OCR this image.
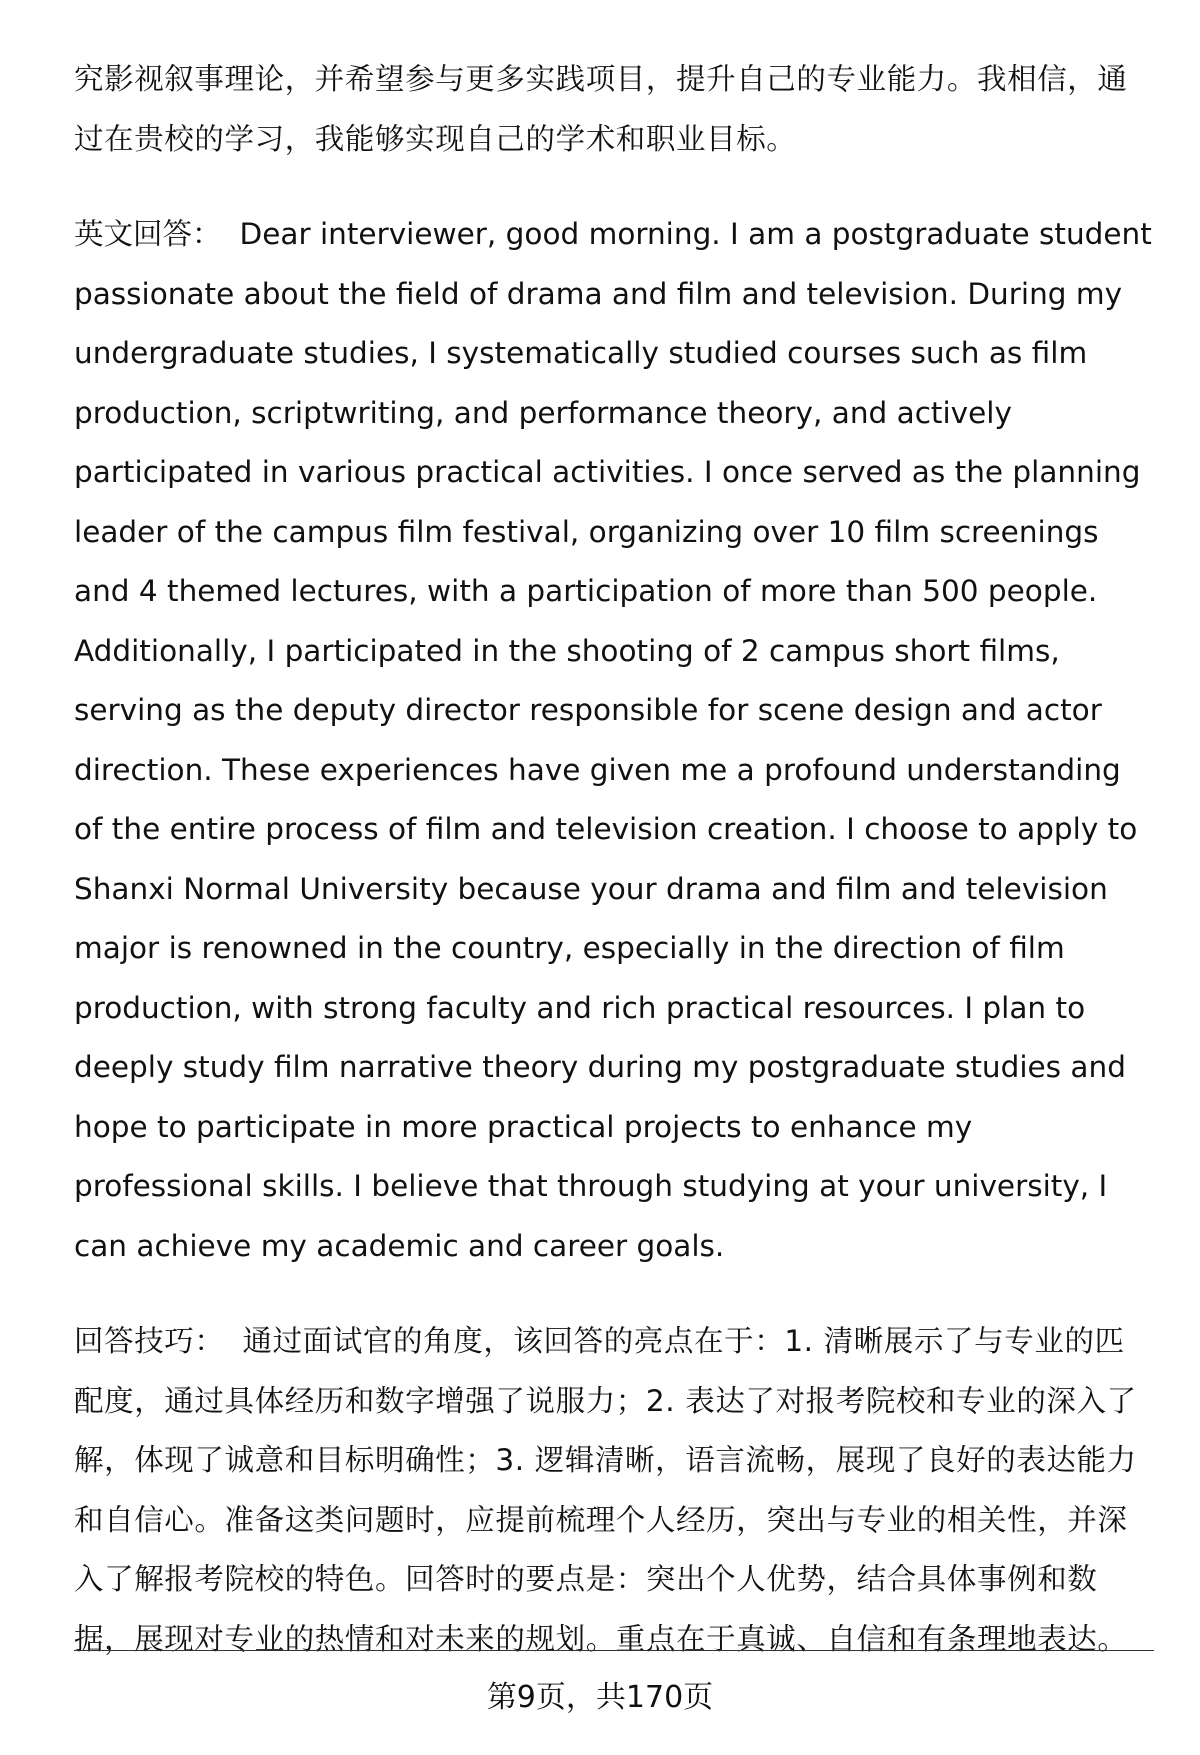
究影视叙事理论，并希望参与更多实践项目，提升自己的专业能力。我相信，通过在贵校的学习，我能够实现自己的学术和职业目标。

英文回答： Dear interviewer, good morning. I am a postgraduate student passionate about the field of drama and film and television. During my undergraduate studies, I systematically studied courses such as film production, scriptwriting, and performance theory, and actively participated in various practical activities. I once served as the planning leader of the campus film festival, organizing over 10 film screenings and 4 themed lectures, with a participation of more than 500 people. Additionally, I participated in the shooting of 2 campus short films, serving as the deputy director responsible for scene design and actor direction. These experiences have given me a profound understanding of the entire process of film and television creation. I choose to apply to Shanxi Normal University because your drama and film and television major is renowned in the country, especially in the direction of film production, with strong faculty and rich practical resources. I plan to deeply study film narrative theory during my postgraduate studies and hope to participate in more practical projects to enhance my professional skills. I believe that through studying at your university, I can achieve my academic and career goals.

回答技巧： 通过面试官的角度，该回答的亮点在于：1. 清晰展示了与专业的匹配度，通过具体经历和数字增强了说服力；2. 表达了对报考院校和专业的深入了解，体现了诚意和目标明确性；3. 逻辑清晰，语言流畅，展现了良好的表达能力和自信心。准备这类问题时，应提前梳理个人经历，突出与专业的相关性，并深入了解报考院校的特色。回答时的要点是：突出个人优势，结合具体事例和数据，展现对专业的热情和对未来的规划。重点在于真诚、自信和有条理地表达。

第9页，共170页
